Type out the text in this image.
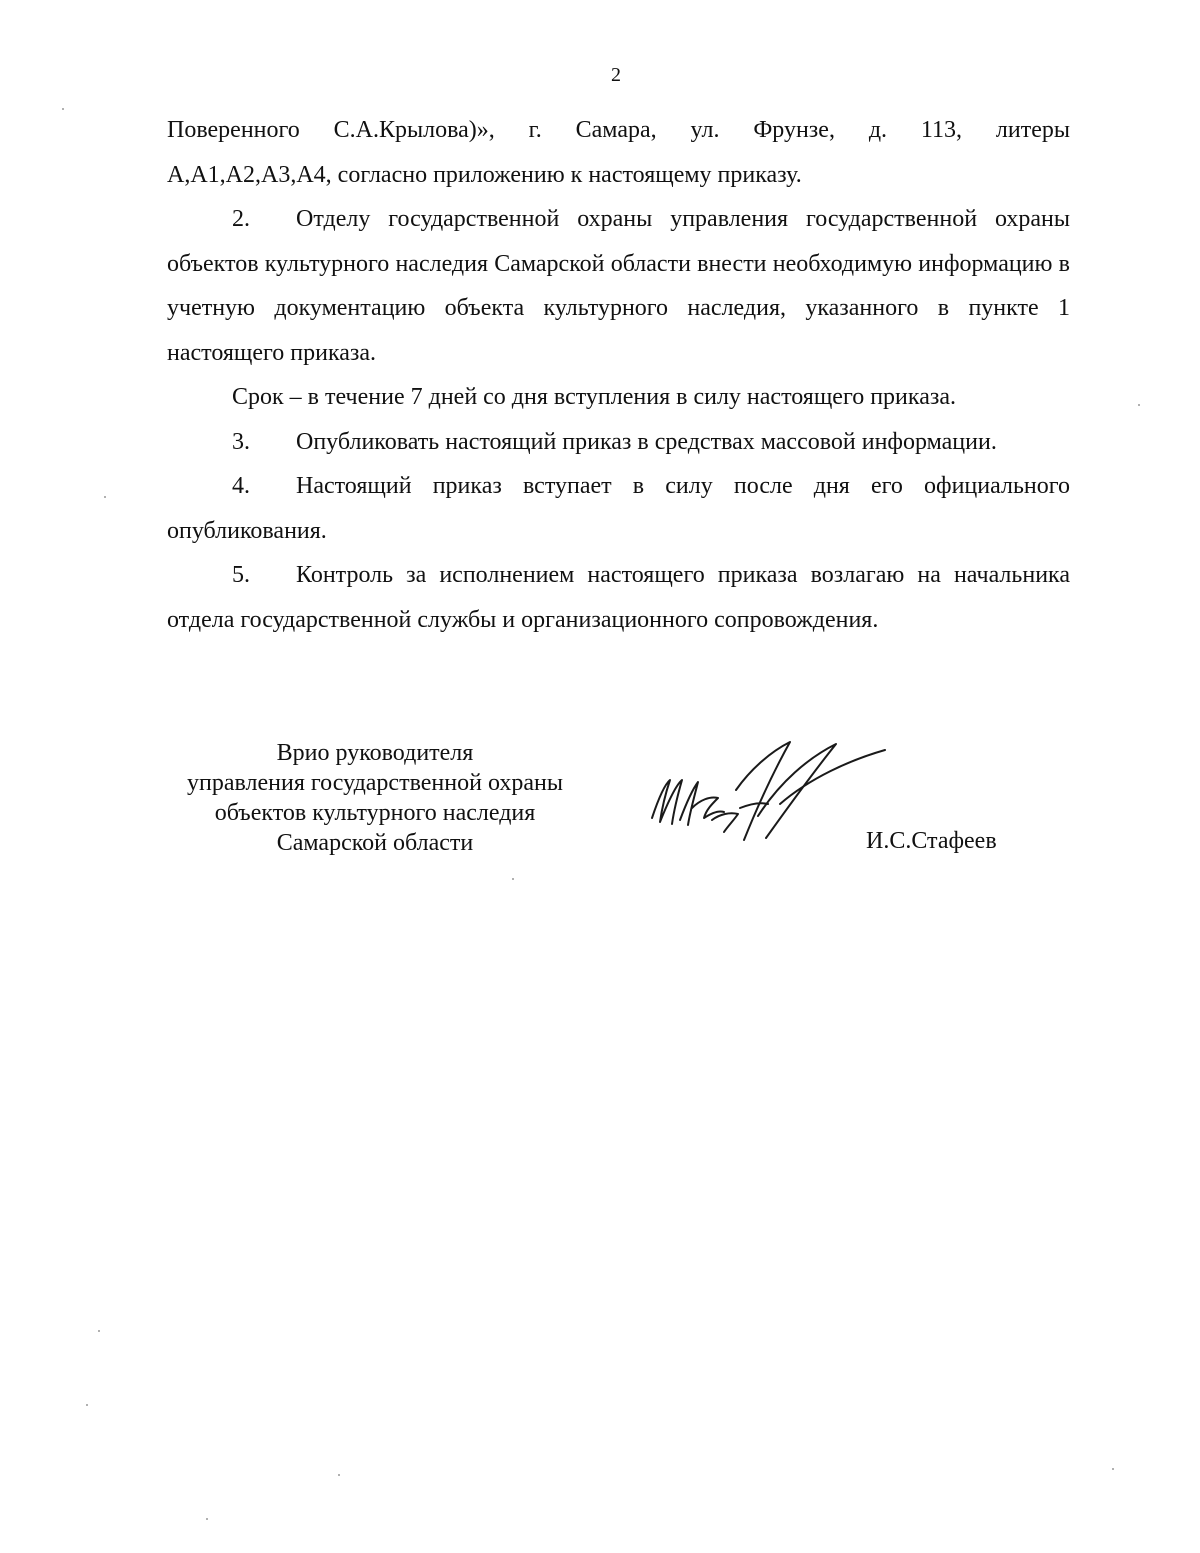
2

Поверенного С.А.Крылова)», г. Самара, ул. Фрунзе, д. 113, литеры

А,А1,А2,А3,А4, согласно приложению к настоящему приказу.

2. Отделу государственной охраны управления государственной охраны объектов культурного наследия Самарской области внести необходимую информацию в учетную документацию объекта культурного наследия, указанного в пункте 1 настоящего приказа.

Срок – в течение 7 дней со дня вступления в силу настоящего приказа.

3. Опубликовать настоящий приказ в средствах массовой информации.

4. Настоящий приказ вступает в силу после дня его официального опубликования.

5. Контроль за исполнением настоящего приказа возлагаю на начальника отдела государственной службы и организационного сопровождения.

Врио руководителя
управления государственной охраны
объектов культурного наследия
Самарской области	И.С.Стафеев
